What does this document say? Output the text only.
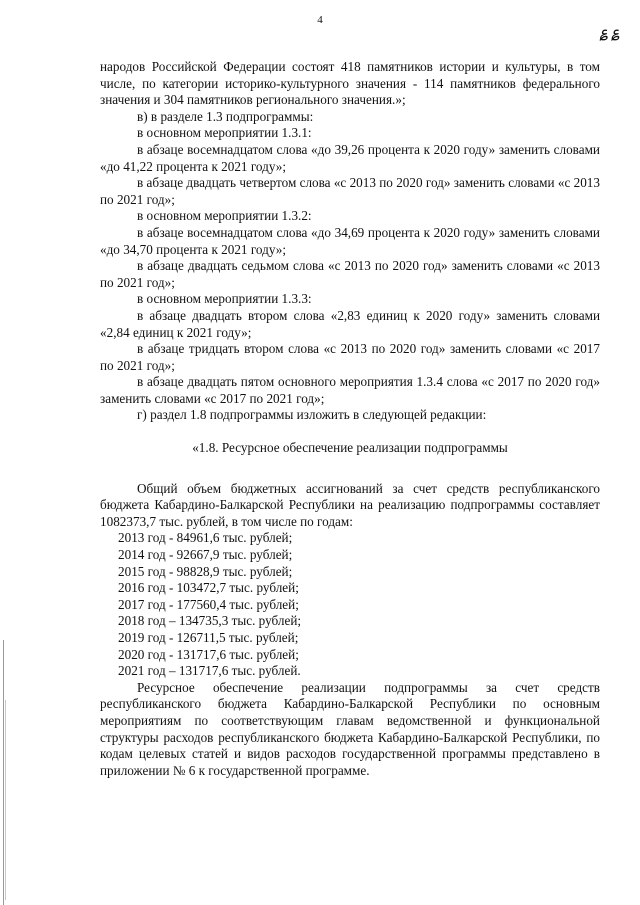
4
؏ ؏

народов Российской Федерации состоят 418 памятников истории и культуры, в том числе, по категории историко-культурного значения - 114 памятников федерального значения и 304 памятников регионального значения.»;

в) в разделе 1.3 подпрограммы:

в основном мероприятии 1.3.1:

в абзаце восемнадцатом слова «до 39,26 процента к 2020 году» заменить словами «до 41,22 процента к 2021 году»;

в абзаце двадцать четвертом слова «с 2013 по 2020 год» заменить словами «с 2013 по 2021 год»;

в основном мероприятии 1.3.2:

в абзаце восемнадцатом слова «до 34,69 процента к 2020 году» заменить словами «до 34,70 процента к 2021 году»;

в абзаце двадцать седьмом слова «с 2013 по 2020 год» заменить словами «с 2013 по 2021 год»;

в основном мероприятии 1.3.3:

в абзаце двадцать втором слова «2,83 единиц к 2020 году» заменить словами «2,84 единиц к 2021 году»;

в абзаце тридцать втором слова «с 2013 по 2020 год» заменить словами «с 2017 по 2021 год»;

в абзаце двадцать пятом основного мероприятия 1.3.4 слова «с 2017 по 2020 год» заменить словами «с 2017 по 2021 год»;

г) раздел 1.8 подпрограммы изложить в следующей редакции:

«1.8. Ресурсное обеспечение реализации подпрограммы

Общий объем бюджетных ассигнований за счет средств республиканского бюджета Кабардино-Балкарской Республики на реализацию подпрограммы составляет 1082373,7 тыс. рублей, в том числе по годам:

2013 год - 84961,6 тыс. рублей;
2014 год - 92667,9 тыс. рублей;
2015 год - 98828,9 тыс. рублей;
2016 год - 103472,7 тыс. рублей;
2017 год - 177560,4 тыс. рублей;
2018 год – 134735,3 тыс. рублей;
2019 год - 126711,5 тыс. рублей;
2020 год - 131717,6 тыс. рублей;
2021 год – 131717,6 тыс. рублей.

Ресурсное обеспечение реализации подпрограммы за счет средств республиканского бюджета Кабардино-Балкарской Республики по основным мероприятиям по соответствующим главам ведомственной и функциональной структуры расходов республиканского бюджета Кабардино-Балкарской Республики, по кодам целевых статей и видов расходов государственной программы представлено в приложении № 6 к государственной программе.
